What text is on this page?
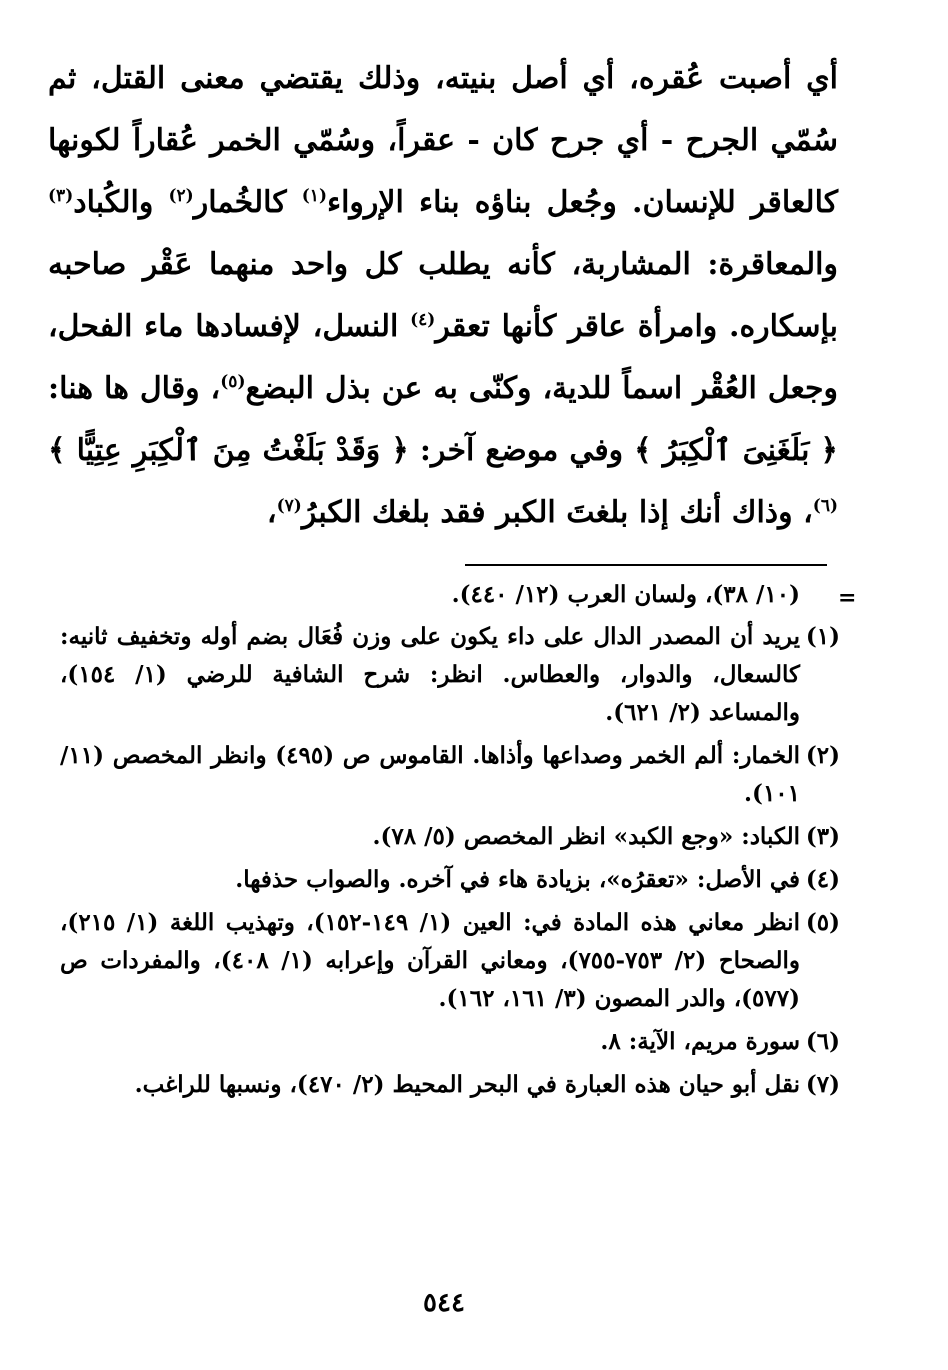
أي أصبت عُقره، أي أصل بنيته، وذلك يقتضي معنى القتل، ثم سُمّي الجرح - أي جرح كان - عقراً، وسُمّي الخمر عُقاراً لكونها كالعاقر للإنسان. وجُعل بناؤه بناء الإرواء$^{(١)}$ كالخُمار$^{(٢)}$ والكُباد$^{(٣)}$ والمعاقرة: المشاربة، كأنه يطلب كل واحد منهما عَقْر صاحبه بإسكاره. وامرأة عاقر كأنها تعقر$^{(٤)}$ النسل، لإفسادها ماء الفحل، وجعل العُقْر اسماً للدية، وكنّى به عن بذل البضع$^{(٥)}$، وقال ها هنا: ﴿ بَلَغَنِىَ ٱلْكِبَرُ ﴾ وفي موضع آخر: ﴿ وَقَدْ بَلَغْتُ مِنَ ٱلْكِبَرِ عِتِيًّا ﴾$^{(٦)}$، وذاك أنك إذا بلغتَ الكبر فقد بلغك الكبرُ$^{(٧)}$،

=

(١٠/ ٣٨)، ولسان العرب (١٢/ ٤٤٠).

(١)
يريد أن المصدر الدال على داء يكون على وزن فُعَال بضم أوله وتخفيف ثانيه: كالسعال، والدوار، والعطاس. انظر: شرح الشافية للرضي (١/ ١٥٤)، والمساعد (٢/ ٦٢١).
(٢)
الخمار: ألم الخمر وصداعها وأذاها. القاموس ص (٤٩٥) وانظر المخصص (١١/ ١٠١).
(٣)
الكباد: «وجع الكبد» انظر المخصص (٥/ ٧٨).
(٤)
في الأصل: «تعقرُه»، بزيادة هاء في آخره. والصواب حذفها.
(٥)
انظر معاني هذه المادة في: العين (١/ ١٤٩-١٥٢)، وتهذيب اللغة (١/ ٢١٥)، والصحاح (٢/ ٧٥٣-٧٥٥)، ومعاني القرآن وإعرابه (١/ ٤٠٨)، والمفردات ص (٥٧٧)، والدر المصون (٣/ ١٦١، ١٦٢).
(٦)
سورة مريم، الآية: ٨.
(٧)
نقل أبو حيان هذه العبارة في البحر المحيط (٢/ ٤٧٠)، ونسبها للراغب.
٥٤٤
